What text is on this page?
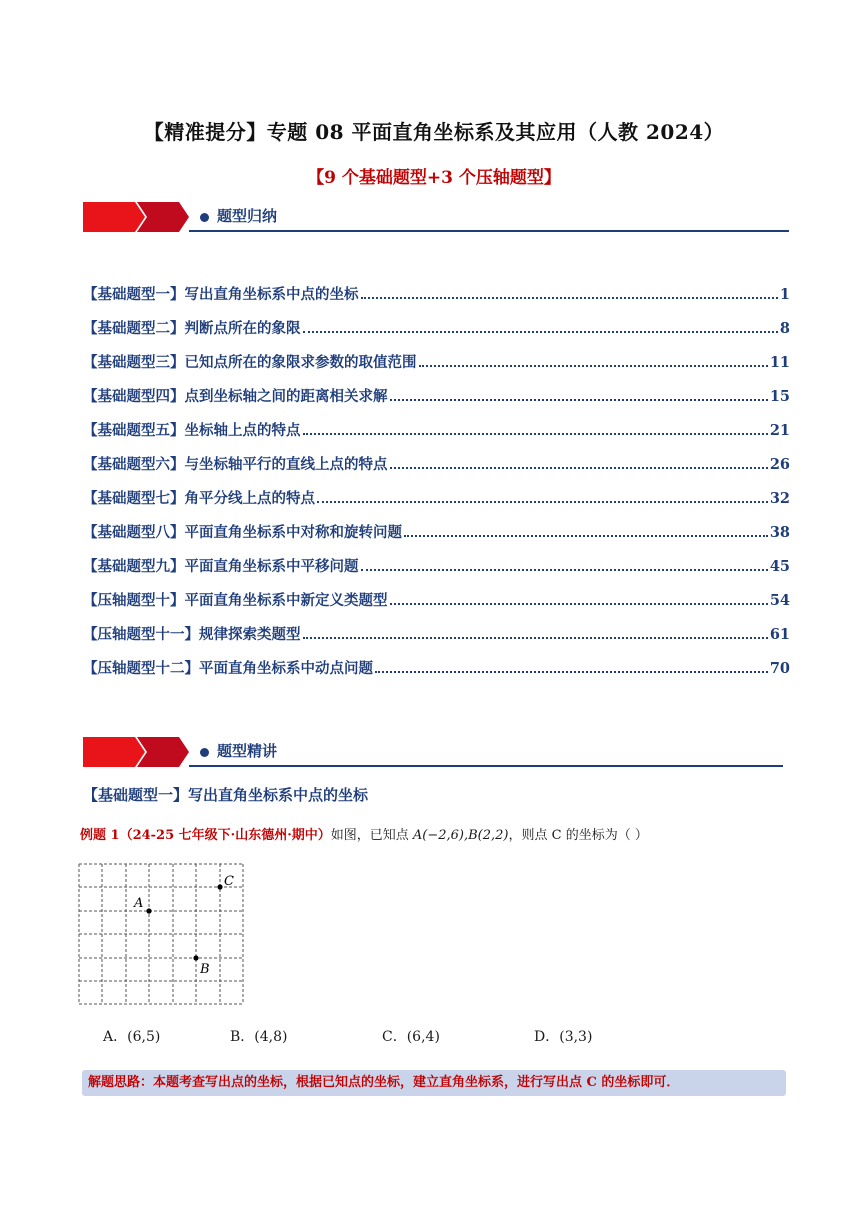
【精准提分】专题 08 平面直角坐标系及其应用（人教 2024）
【9 个基础题型+3 个压轴题型】
题型归纳
【基础题型一】写出直角坐标系中点的坐标	1
【基础题型二】判断点所在的象限	8
【基础题型三】已知点所在的象限求参数的取值范围	11
【基础题型四】点到坐标轴之间的距离相关求解	15
【基础题型五】坐标轴上点的特点	21
【基础题型六】与坐标轴平行的直线上点的特点	26
【基础题型七】角平分线上点的特点	32
【基础题型八】平面直角坐标系中对称和旋转问题	38
【基础题型九】平面直角坐标系中平移问题	45
【压轴题型十】平面直角坐标系中新定义类题型	54
【压轴题型十一】规律探索类题型	61
【压轴题型十二】平面直角坐标系中动点问题	70
题型精讲
【基础题型一】写出直角坐标系中点的坐标
例题 1（24-25 七年级下·山东德州·期中）如图，已知点 A(−2,6),B(2,2)，则点 C 的坐标为（ ）
A
B
C
A．(6,5)	B．(4,8)	C．(6,4)	D．(3,3)
解题思路：本题考查写出点的坐标，根据已知点的坐标，建立直角坐标系，进行写出点 C 的坐标即可．
